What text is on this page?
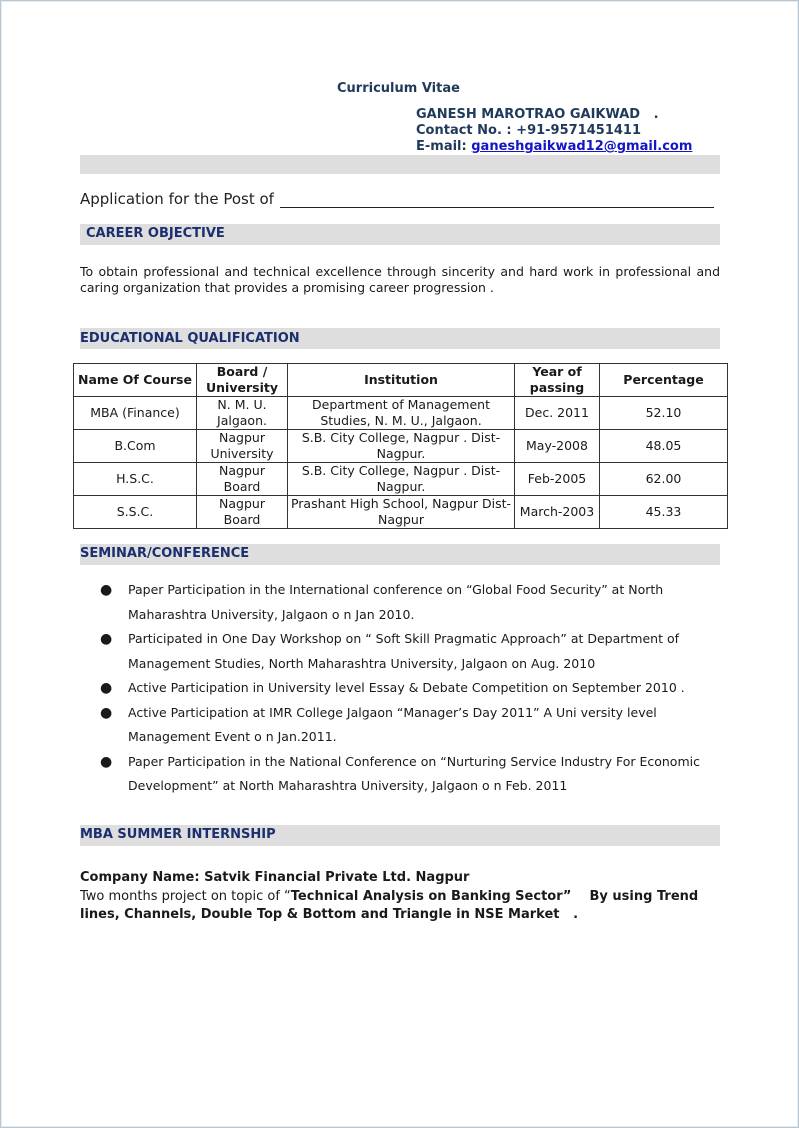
Curriculum Vitae
GANESH MAROTRAO GAIKWAD   .
Contact No. : +91-9571451411
E-mail: ganeshgaikwad12@gmail.com
Application for the Post of
CAREER OBJECTIVE
To obtain professional and technical excellence through sincerity and hard work in professional and caring organization that provides a promising career progression .
EDUCATIONAL QUALIFICATION
Name Of Course	Board / University	Institution	Year of passing	Percentage
MBA (Finance)	N. M. U. Jalgaon.	Department of Management Studies, N. M. U., Jalgaon.	Dec. 2011	52.10
B.Com	Nagpur University	S.B. City College, Nagpur . Dist-Nagpur.	May-2008	48.05
H.S.C.	Nagpur Board	S.B. City College, Nagpur . Dist-Nagpur.	Feb-2005	62.00
S.S.C.	Nagpur Board	Prashant High School, Nagpur Dist-Nagpur	March-2003	45.33
SEMINAR/CONFERENCE
● Paper Participation in the International conference on “Global Food Security” at North Maharashtra University, Jalgaon o n Jan 2010.
● Participated in One Day Workshop on “ Soft Skill Pragmatic Approach” at Department of Management Studies, North Maharashtra University, Jalgaon on Aug. 2010
● Active Participation in University level Essay & Debate Competition on September 2010 .
● Active Participation at IMR College Jalgaon “Manager’s Day 2011” A Uni versity level Management Event o n Jan.2011.
● Paper Participation in the National Conference on “Nurturing Service Industry For Economic Development” at North Maharashtra University, Jalgaon o n Feb. 2011
MBA SUMMER INTERNSHIP
Company Name: Satvik Financial Private Ltd. Nagpur
Two months project on topic of “Technical Analysis on Banking Sector”    By using Trend lines, Channels, Double Top & Bottom and Triangle in NSE Market   .
